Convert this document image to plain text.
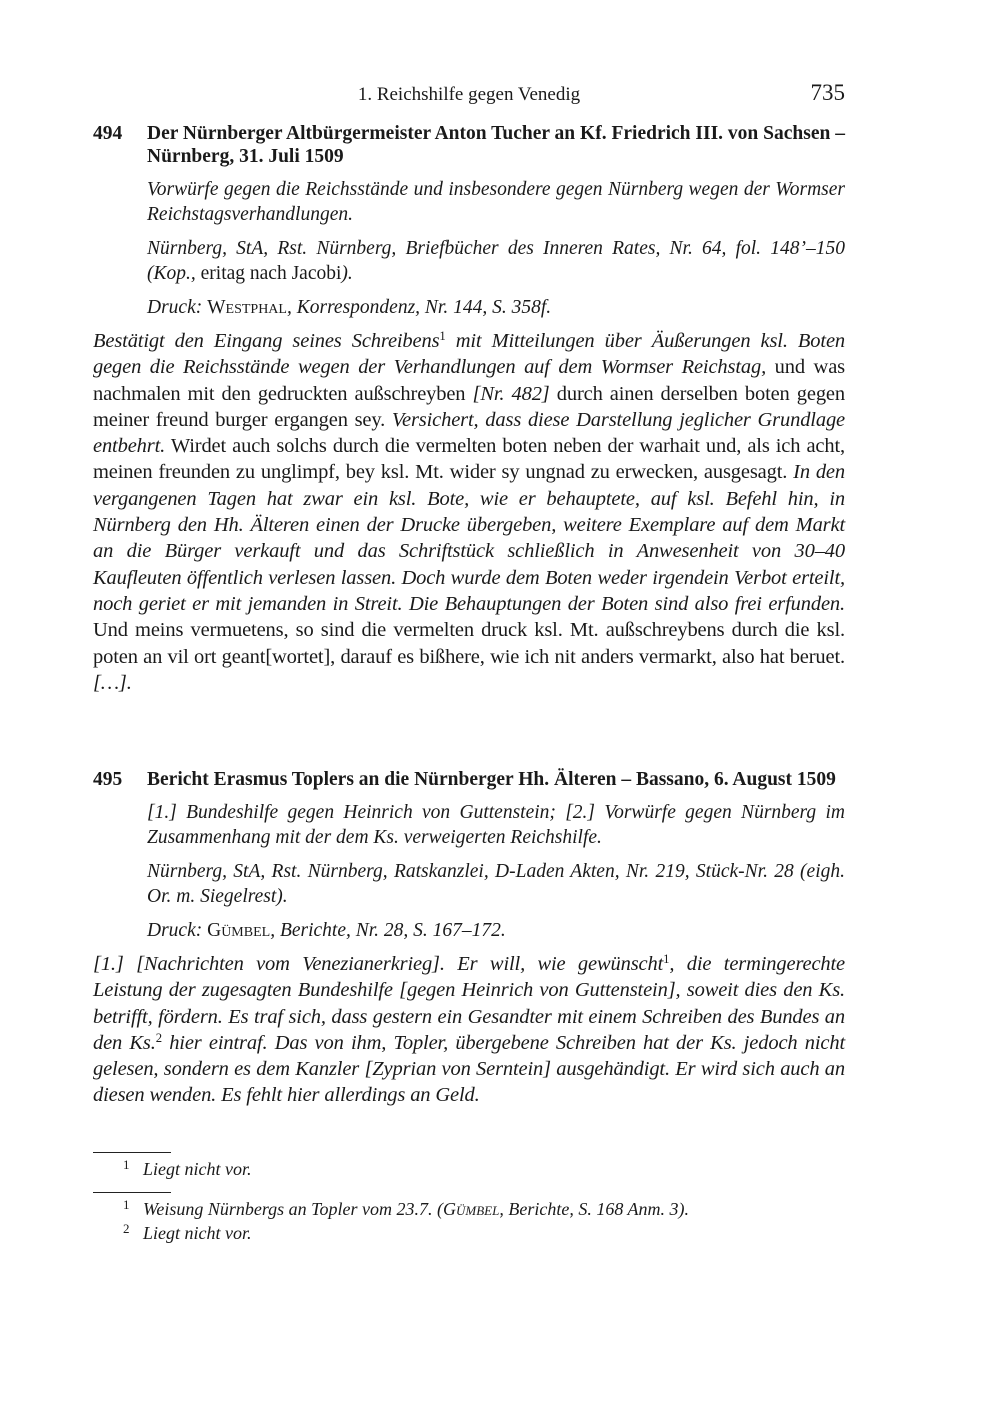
1. Reichshilfe gegen Venedig	735
494 Der Nürnberger Altbürgermeister Anton Tucher an Kf. Friedrich III. von Sachsen – Nürnberg, 31. Juli 1509
Vorwürfe gegen die Reichsstände und insbesondere gegen Nürnberg wegen der Wormser Reichstagsverhandlungen.
Nürnberg, StA, Rst. Nürnberg, Briefbücher des Inneren Rates, Nr. 64, fol. 148’–150 (Kop., eritag nach Jacobi).
Druck: Westphal, Korrespondenz, Nr. 144, S. 358f.
Bestätigt den Eingang seines Schreibens$^1$ mit Mitteilungen über Äußerungen ksl. Boten gegen die Reichsstände wegen der Verhandlungen auf dem Wormser Reichstag, und was nachmalen mit den gedruckten außschreyben [Nr. 482] durch ainen derselben boten gegen meiner freund burger ergangen sey. Versichert, dass diese Darstellung jeglicher Grundlage entbehrt. Wirdet auch solchs durch die vermelten boten neben der warhait und, als ich acht, meinen freunden zu unglimpf, bey ksl. Mt. wider sy ungnad zu erwecken, ausgesagt. In den vergangenen Tagen hat zwar ein ksl. Bote, wie er behauptete, auf ksl. Befehl hin, in Nürnberg den Hh. Älteren einen der Drucke übergeben, weitere Exemplare auf dem Markt an die Bürger verkauft und das Schriftstück schließlich in Anwesenheit von 30–40 Kaufleuten öffentlich verlesen lassen. Doch wurde dem Boten weder irgendein Verbot erteilt, noch geriet er mit jemanden in Streit. Die Behauptungen der Boten sind also frei erfunden. Und meins vermuetens, so sind die vermelten druck ksl. Mt. außschreybens durch die ksl. poten an vil ort geant[wortet], darauf es bißhere, wie ich nit anders vermarkt, also hat beruet. […].
495 Bericht Erasmus Toplers an die Nürnberger Hh. Älteren – Bassano, 6. August 1509
[1.] Bundeshilfe gegen Heinrich von Guttenstein; [2.] Vorwürfe gegen Nürnberg im Zusammenhang mit der dem Ks. verweigerten Reichshilfe.
Nürnberg, StA, Rst. Nürnberg, Ratskanzlei, D-Laden Akten, Nr. 219, Stück-Nr. 28 (eigh. Or. m. Siegelrest).
Druck: Gümbel, Berichte, Nr. 28, S. 167–172.
[1.] [Nachrichten vom Venezianerkrieg]. Er will, wie gewünscht$^1$, die termingerechte Leistung der zugesagten Bundeshilfe [gegen Heinrich von Guttenstein], soweit dies den Ks. betrifft, fördern. Es traf sich, dass gestern ein Gesandter mit einem Schreiben des Bundes an den Ks.$^2$ hier eintraf. Das von ihm, Topler, übergebene Schreiben hat der Ks. jedoch nicht gelesen, sondern es dem Kanzler [Zyprian von Serntein] ausgehändigt. Er wird sich auch an diesen wenden. Es fehlt hier allerdings an Geld.
1 Liegt nicht vor.
1 Weisung Nürnbergs an Topler vom 23.7. (Gümbel, Berichte, S. 168 Anm. 3).
2 Liegt nicht vor.
